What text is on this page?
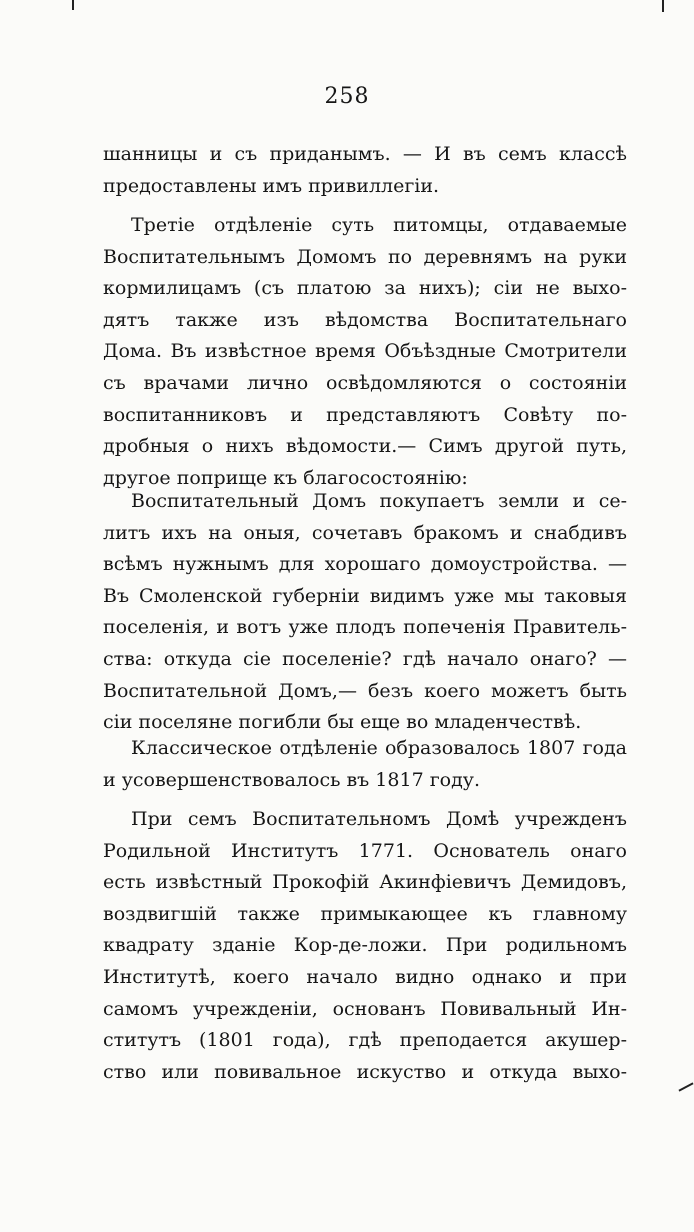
258
шанницы и съ приданымъ. — И въ семъ классѣ
предоставлены имъ привиллегіи.
Третіе отдѣленіе суть питомцы, отдаваемые
Воспитательнымъ Домомъ по деревнямъ на руки
кормилицамъ (съ платою за нихъ); сіи не выхо-
дятъ также изъ вѣдомства Воспитательнаго
Дома. Въ извѣстное время Объѣздные Смотрители
съ врачами лично освѣдомляются о состояніи
воспитанниковъ и представляютъ Совѣту по-
дробныя о нихъ вѣдомости.— Симъ другой путь,
другое поприще къ благосостоянію:
Воспитательный Домъ покупаетъ земли и се-
литъ ихъ на оныя, сочетавъ бракомъ и снабдивъ
всѣмъ нужнымъ для хорошаго домоустройства. —
Въ Смоленской губерніи видимъ уже мы таковыя
поселенія, и вотъ уже плодъ попеченія Правитель-
ства: откуда сіе поселеніе? гдѣ начало онаго? —
Воспитательной Домъ,— безъ коего можетъ быть
сіи поселяне погибли бы еще во младенчествѣ.
Классическое отдѣленіе образовалось 1807 года
и усовершенствовалось въ 1817 году.
При семъ Воспитательномъ Домѣ учрежденъ
Родильной Институтъ 1771. Основатель онаго
есть извѣстный Прокофій Акинфіевичъ Демидовъ,
воздвигшій также примыкающее къ главному
квадрату зданіе Кор-де-ложи. При родильномъ
Институтѣ, коего начало видно однако и при
самомъ учрежденіи, основанъ Повивальный Ин-
ститутъ (1801 года), гдѣ преподается акушер-
ство или повивальное искуство и откуда выхо-
